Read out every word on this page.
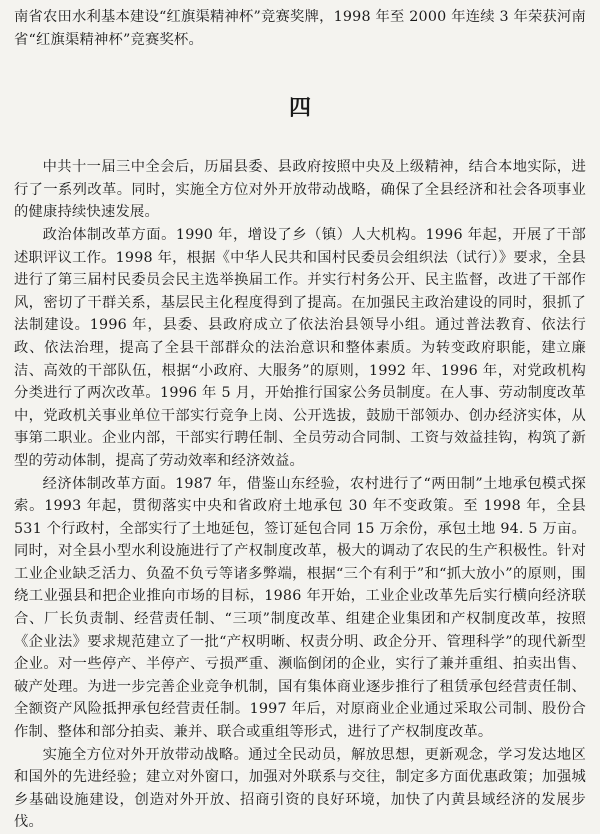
南省农田水利基本建设“红旗渠精神杯”竞赛奖牌，1998 年至 2000 年连续 3 年荣获河南省“红旗渠精神杯”竞赛奖杯。

四

中共十一届三中全会后，历届县委、县政府按照中央及上级精神，结合本地实际，进行了一系列改革。同时，实施全方位对外开放带动战略，确保了全县经济和社会各项事业的健康持续快速发展。

政治体制改革方面。1990 年，增设了乡（镇）人大机构。1996 年起，开展了干部述职评议工作。1998 年，根据《中华人民共和国村民委员会组织法（试行）》要求，全县进行了第三届村民委员会民主选举换届工作。并实行村务公开、民主监督，改进了干部作风，密切了干群关系，基层民主化程度得到了提高。在加强民主政治建设的同时，狠抓了法制建设。1996 年，县委、县政府成立了依法治县领导小组。通过普法教育、依法行政、依法治理，提高了全县干部群众的法治意识和整体素质。为转变政府职能，建立廉洁、高效的干部队伍，根据“小政府、大服务”的原则，1992 年、1996 年，对党政机构分类进行了两次改革。1996 年 5 月，开始推行国家公务员制度。在人事、劳动制度改革中，党政机关事业单位干部实行竞争上岗、公开选拔，鼓励干部领办、创办经济实体，从事第二职业。企业内部，干部实行聘任制、全员劳动合同制、工资与效益挂钩，构筑了新型的劳动体制，提高了劳动效率和经济效益。

经济体制改革方面。1987 年，借鉴山东经验，农村进行了“两田制”土地承包模式探索。1993 年起，贯彻落实中央和省政府土地承包 30 年不变政策。至 1998 年，全县 531 个行政村，全部实行了土地延包，签订延包合同 15 万余份，承包土地 94. 5 万亩。同时，对全县小型水利设施进行了产权制度改革，极大的调动了农民的生产积极性。针对工业企业缺乏活力、负盈不负亏等诸多弊端，根据“三个有利于”和“抓大放小”的原则，围绕工业强县和把企业推向市场的目标，1986 年开始，工业企业改革先后实行横向经济联合、厂长负责制、经营责任制、“三项”制度改革、组建企业集团和产权制度改革，按照《企业法》要求规范建立了一批“产权明晰、权责分明、政企分开、管理科学”的现代新型企业。对一些停产、半停产、亏损严重、濒临倒闭的企业，实行了兼并重组、拍卖出售、破产处理。为进一步完善企业竞争机制，国有集体商业逐步推行了租赁承包经营责任制、全额资产风险抵押承包经营责任制。1997 年后，对原商业企业通过采取公司制、股份合作制、整体和部分拍卖、兼并、联合或重组等形式，进行了产权制度改革。

实施全方位对外开放带动战略。通过全民动员，解放思想，更新观念，学习发达地区和国外的先进经验；建立对外窗口，加强对外联系与交往，制定多方面优惠政策；加强城乡基础设施建设，创造对外开放、招商引资的良好环境，加快了内黄县域经济的发展步伐。
